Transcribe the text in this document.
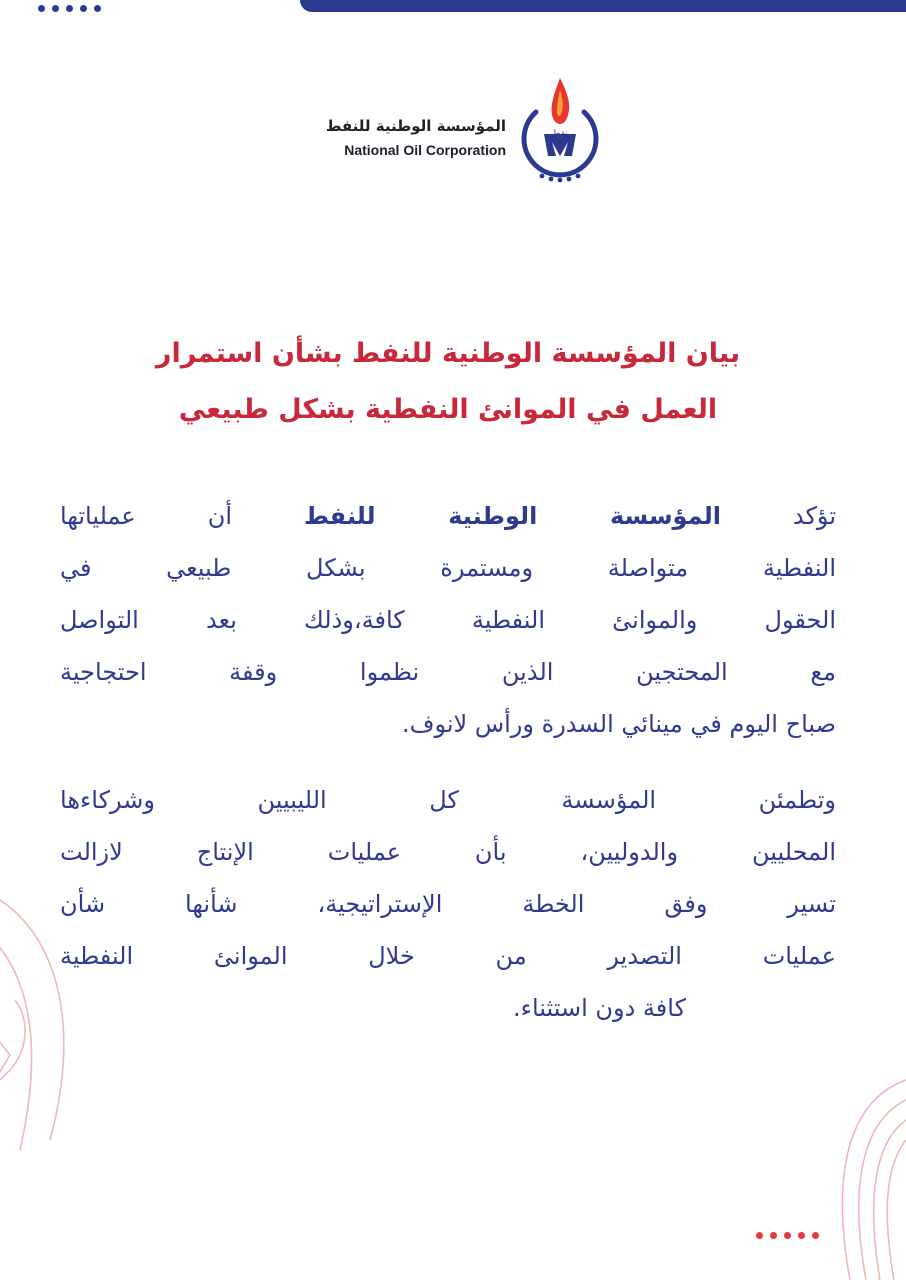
نفط
المؤسسة الوطنية للنفط
National Oil Corporation
بيان المؤسسة الوطنية للنفط بشأن استمرار
العمل في الموانئ النفطية بشكل طبيعي
تؤكد المؤسسة الوطنية للنفط أن عملياتها
النفطية متواصلة ومستمرة بشكل طبيعي في
الحقول والموانئ النفطية كافة،وذلك بعد التواصل
مع المحتجين الذين نظموا وقفة احتجاجية
صباح اليوم في مينائي السدرة ورأس لانوف.
وتطمئن المؤسسة كل الليبيين وشركاءها
المحليين والدوليين، بأن عمليات الإنتاج لازالت
تسير وفق الخطة الإستراتيجية، شأنها شأن
عمليات التصدير من خلال الموانئ النفطية
كافة دون استثناء.
